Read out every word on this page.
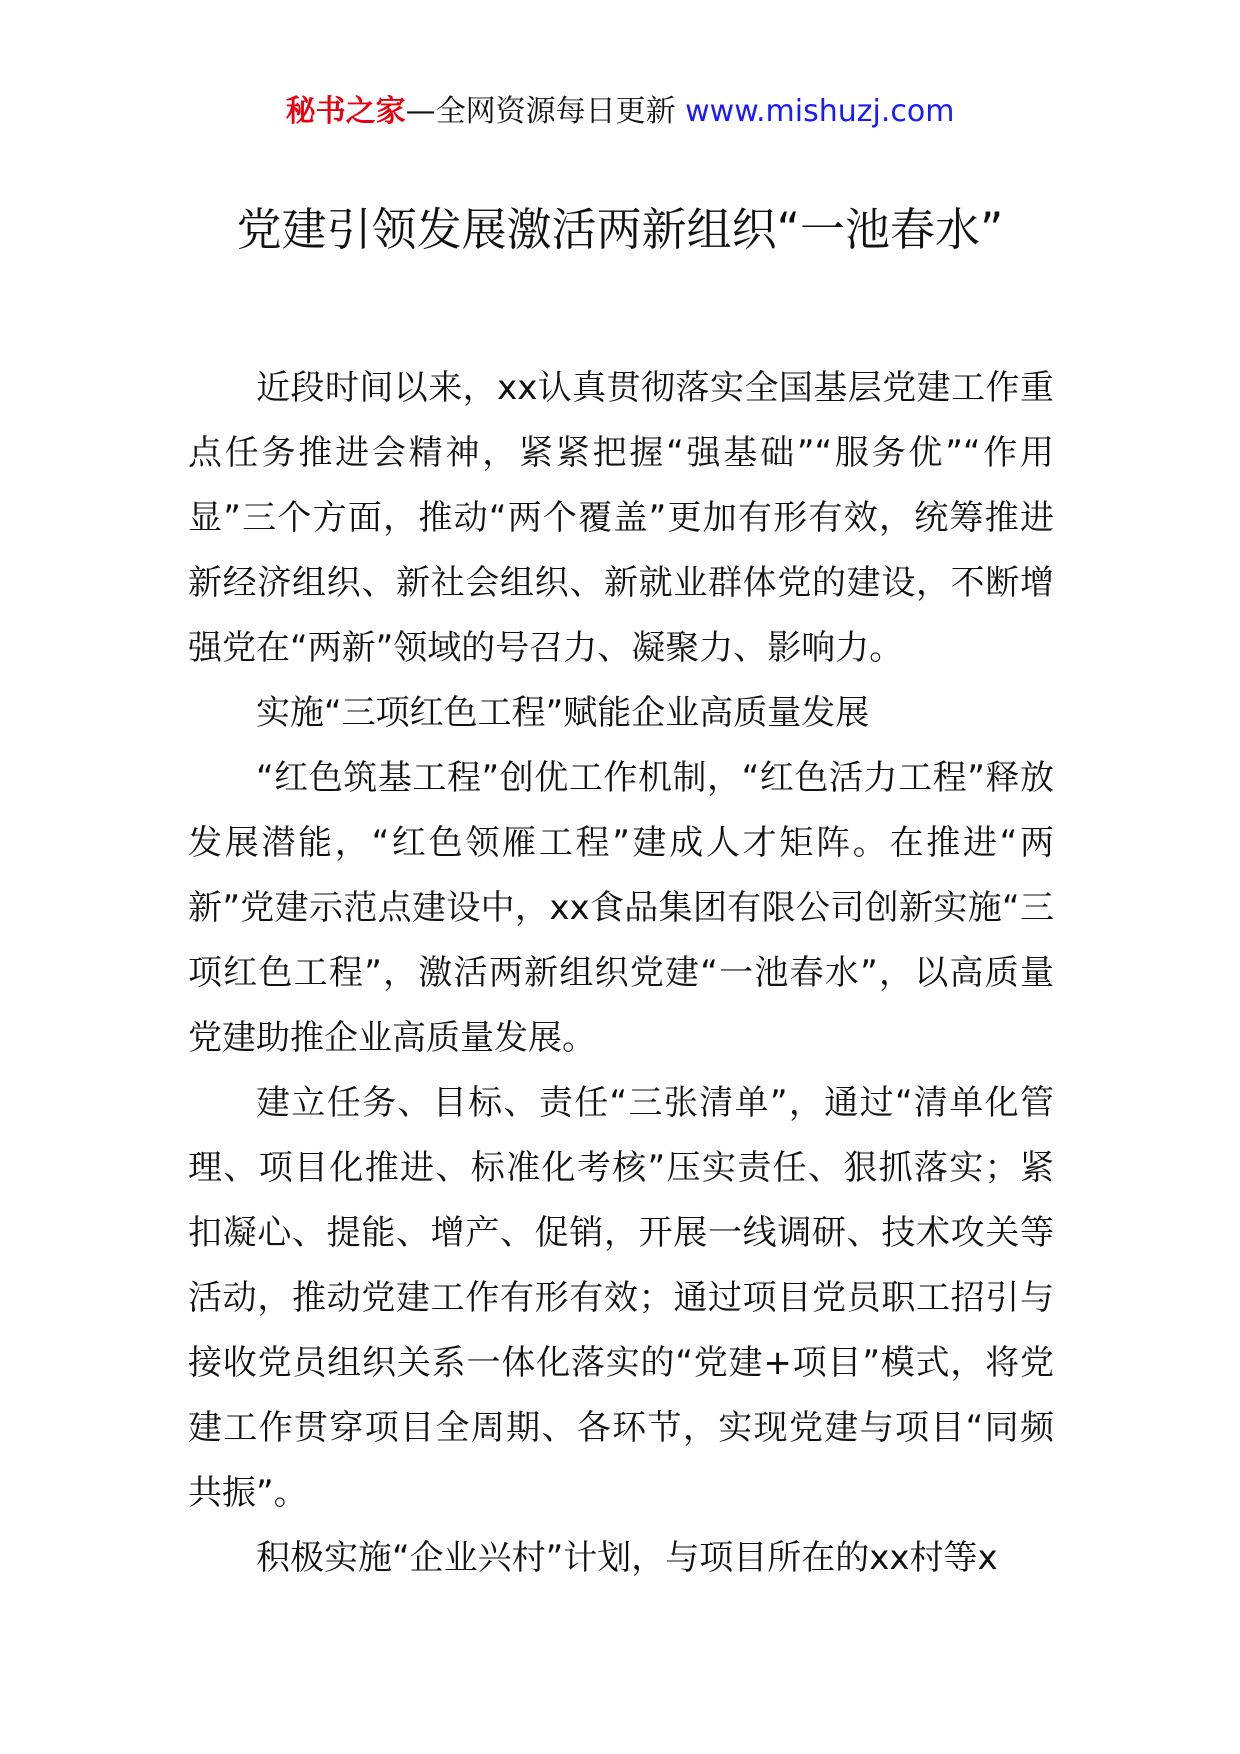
秘书之家—全网资源每日更新 www.mishuzj.com
党建引领发展激活两新组织“一池春水”

近段时间以来，xx认真贯彻落实全国基层党建工作重点任务推进会精神，紧紧把握“强基础”“服务优”“作用显”三个方面，推动“两个覆盖”更加有形有效，统筹推进新经济组织、新社会组织、新就业群体党的建设，不断增强党在“两新”领域的号召力、凝聚力、影响力。

实施“三项红色工程”赋能企业高质量发展

“红色筑基工程”创优工作机制，“红色活力工程”释放发展潜能，“红色领雁工程”建成人才矩阵。在推进“两新”党建示范点建设中，xx食品集团有限公司创新实施“三项红色工程”，激活两新组织党建“一池春水”，以高质量党建助推企业高质量发展。

建立任务、目标、责任“三张清单”，通过“清单化管理、项目化推进、标准化考核”压实责任、狠抓落实；紧扣凝心、提能、增产、促销，开展一线调研、技术攻关等活动，推动党建工作有形有效；通过项目党员职工招引与接收党员组织关系一体化落实的“党建+项目”模式，将党建工作贯穿项目全周期、各环节，实现党建与项目“同频共振”。

积极实施“企业兴村”计划，与项目所在的xx村等x
